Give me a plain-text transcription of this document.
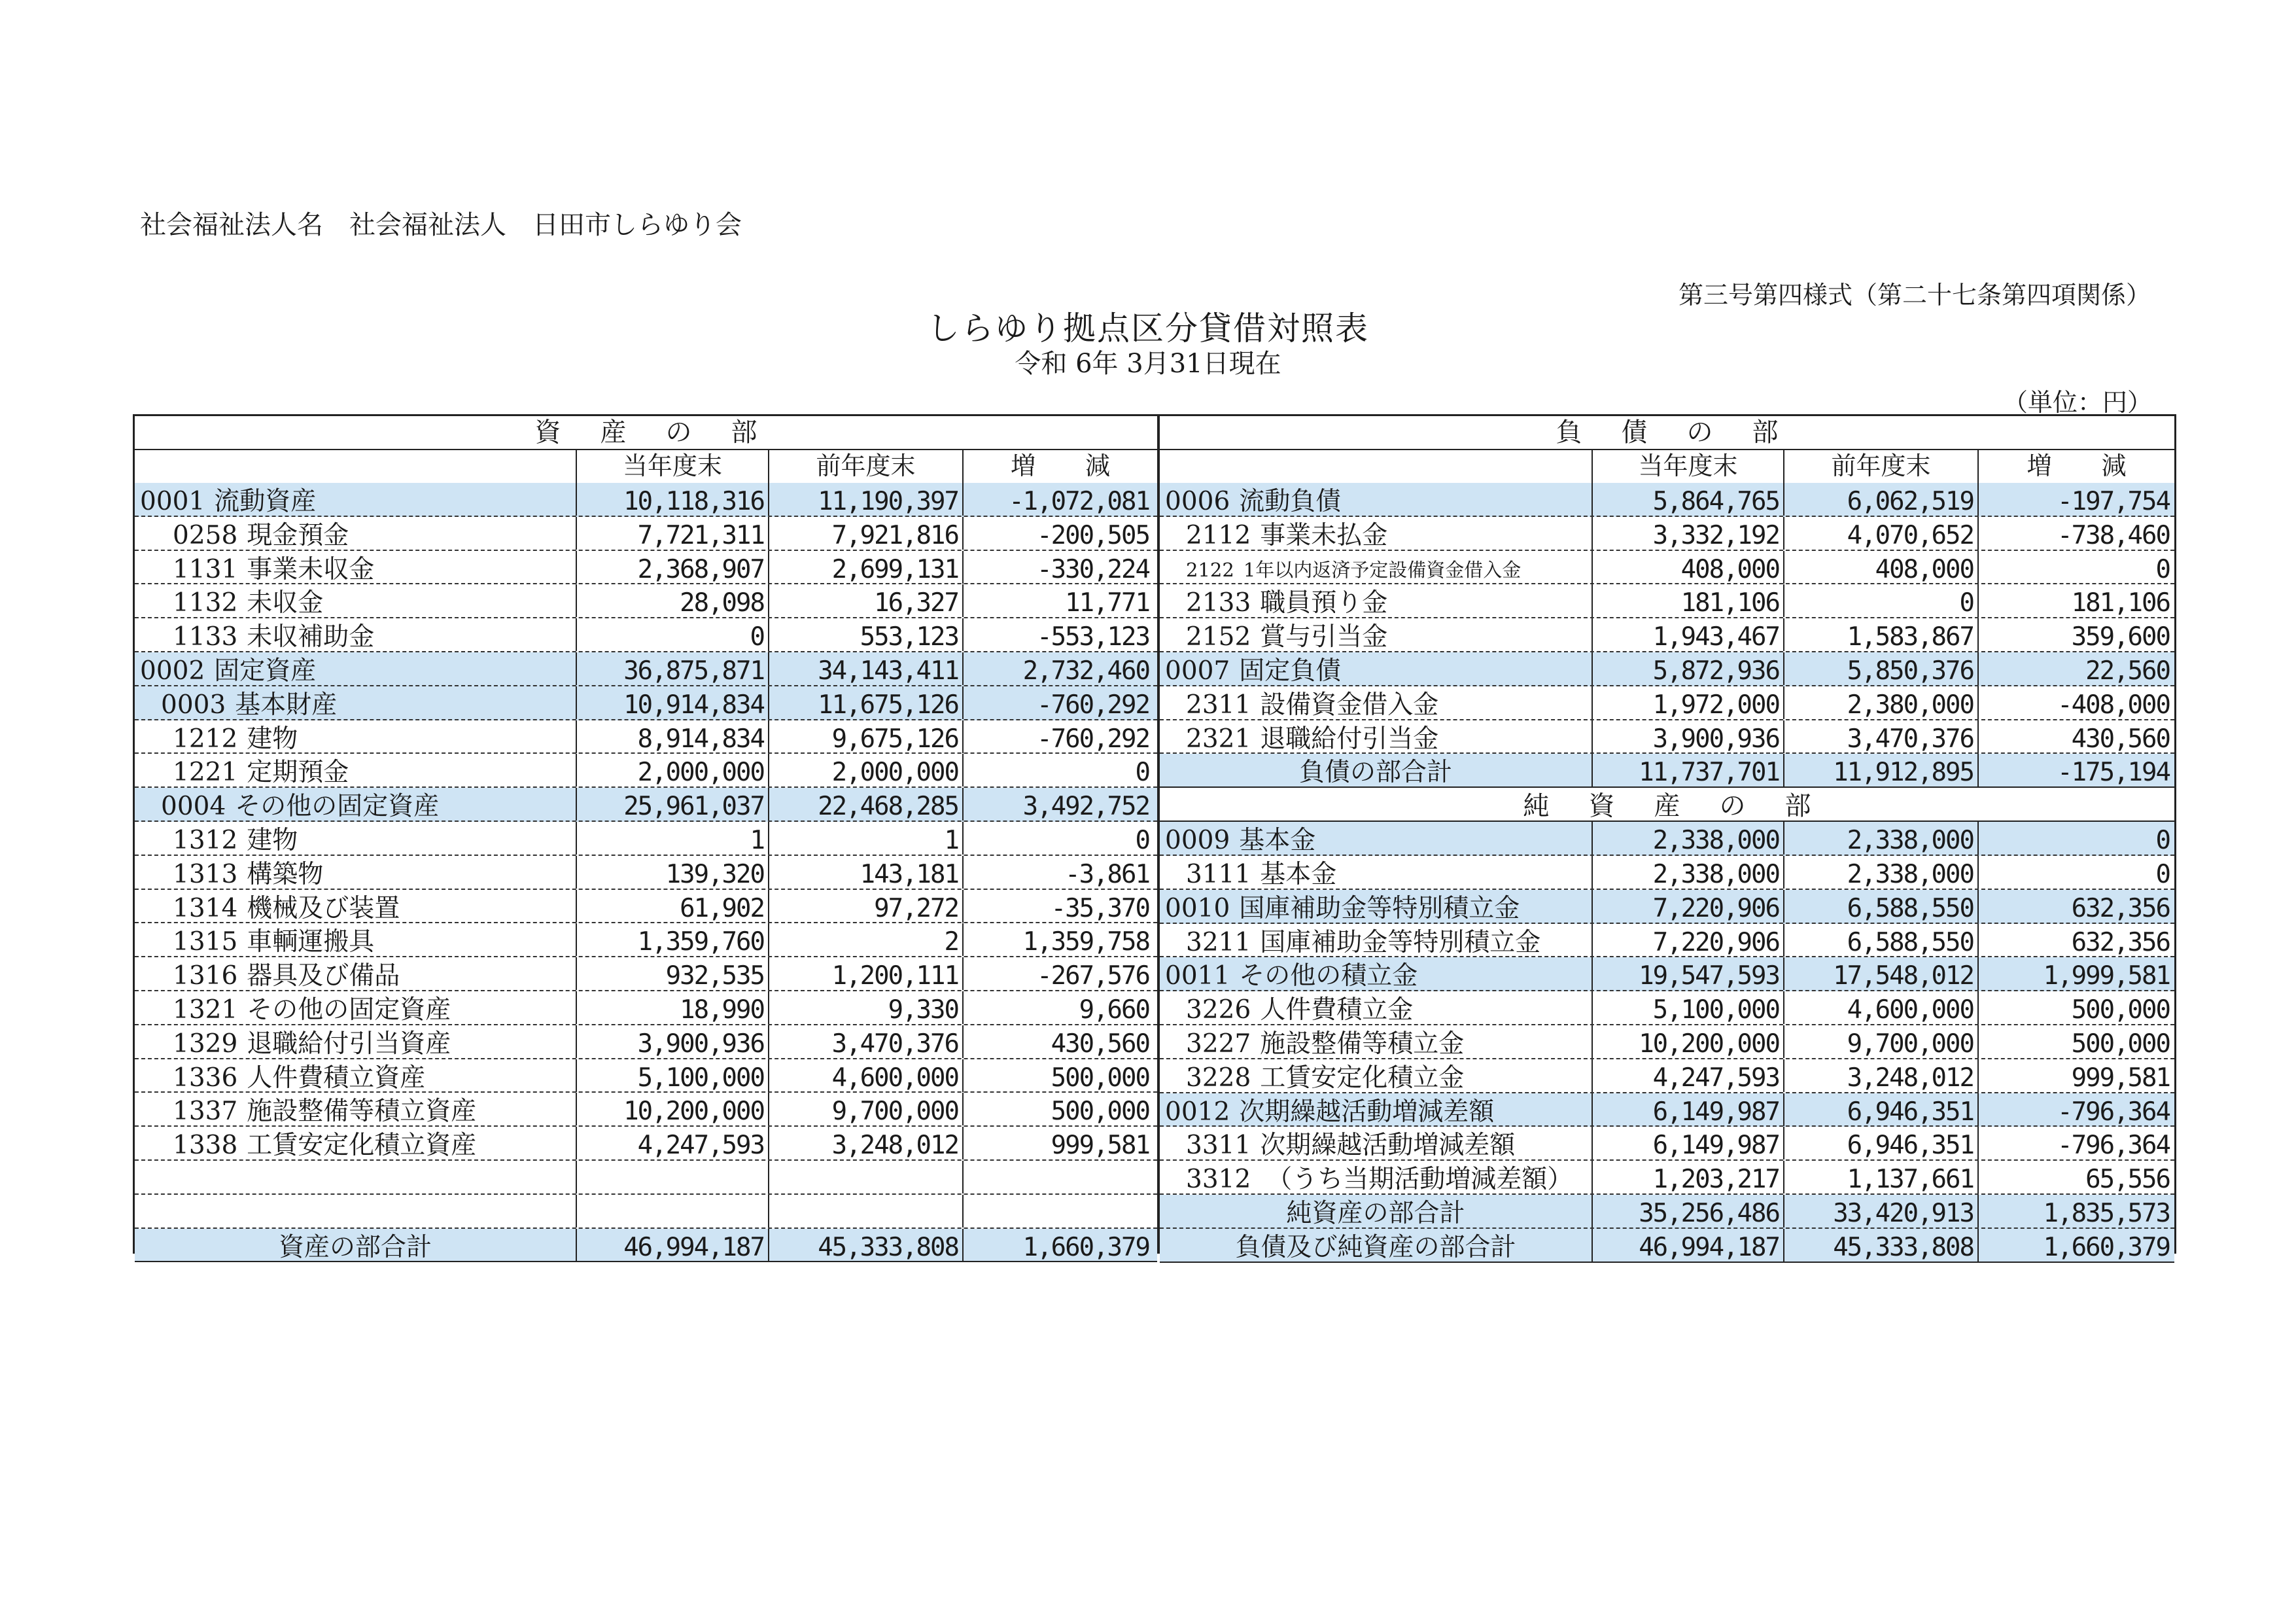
社会福祉法人名　社会福祉法人　日田市しらゆり会
第三号第四様式（第二十七条第四項関係）
しらゆり拠点区分貸借対照表
令和 6年 3月31日現在
（単位：円）
資産の部
当年度末	前年度末	増　　減
0001 流動資産	10,118,316	11,190,397	-1,072,081
0258 現金預金	7,721,311	7,921,816	-200,505
1131 事業未収金	2,368,907	2,699,131	-330,224
1132 未収金	28,098	16,327	11,771
1133 未収補助金	0	553,123	-553,123
0002 固定資産	36,875,871	34,143,411	2,732,460
0003 基本財産	10,914,834	11,675,126	-760,292
1212 建物	8,914,834	9,675,126	-760,292
1221 定期預金	2,000,000	2,000,000	0
0004 その他の固定資産	25,961,037	22,468,285	3,492,752
1312 建物	1	1	0
1313 構築物	139,320	143,181	-3,861
1314 機械及び装置	61,902	97,272	-35,370
1315 車輌運搬具	1,359,760	2	1,359,758
1316 器具及び備品	932,535	1,200,111	-267,576
1321 その他の固定資産	18,990	9,330	9,660
1329 退職給付引当資産	3,900,936	3,470,376	430,560
1336 人件費積立資産	5,100,000	4,600,000	500,000
1337 施設整備等積立資産	10,200,000	9,700,000	500,000
1338 工賃安定化積立資産	4,247,593	3,248,012	999,581
資産の部合計	46,994,187	45,333,808	1,660,379
負債の部
当年度末	前年度末	増　　減
0006 流動負債	5,864,765	6,062,519	-197,754
2112 事業未払金	3,332,192	4,070,652	-738,460
2122 1年以内返済予定設備資金借入金	408,000	408,000	0
2133 職員預り金	181,106	0	181,106
2152 賞与引当金	1,943,467	1,583,867	359,600
0007 固定負債	5,872,936	5,850,376	22,560
2311 設備資金借入金	1,972,000	2,380,000	-408,000
2321 退職給付引当金	3,900,936	3,470,376	430,560
負債の部合計	11,737,701	11,912,895	-175,194
純資産の部
0009 基本金	2,338,000	2,338,000	0
3111 基本金	2,338,000	2,338,000	0
0010 国庫補助金等特別積立金	7,220,906	6,588,550	632,356
3211 国庫補助金等特別積立金	7,220,906	6,588,550	632,356
0011 その他の積立金	19,547,593	17,548,012	1,999,581
3226 人件費積立金	5,100,000	4,600,000	500,000
3227 施設整備等積立金	10,200,000	9,700,000	500,000
3228 工賃安定化積立金	4,247,593	3,248,012	999,581
0012 次期繰越活動増減差額	6,149,987	6,946,351	-796,364
3311 次期繰越活動増減差額	6,149,987	6,946,351	-796,364
3312 （うち当期活動増減差額）	1,203,217	1,137,661	65,556
純資産の部合計	35,256,486	33,420,913	1,835,573
負債及び純資産の部合計	46,994,187	45,333,808	1,660,379
